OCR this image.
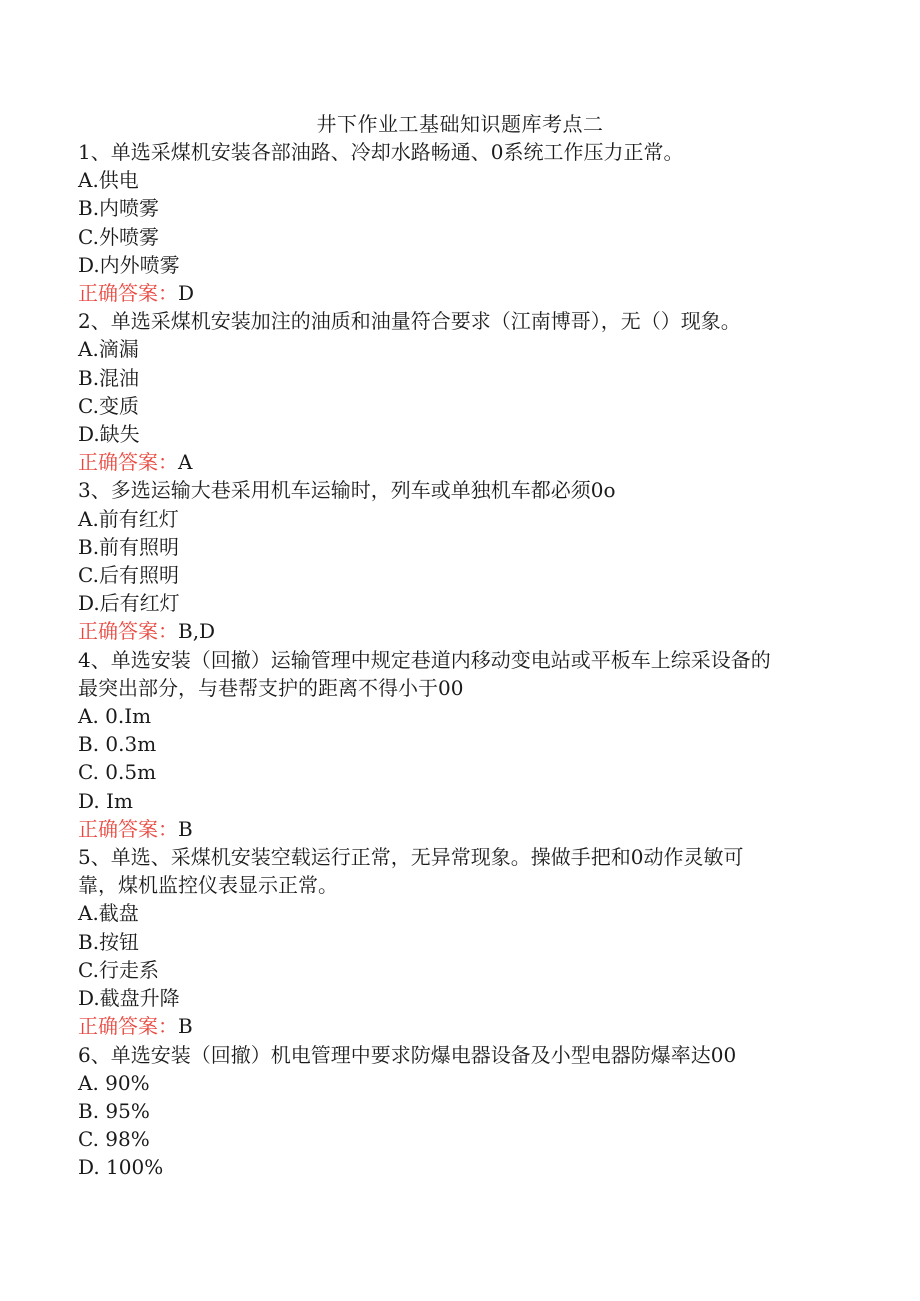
井下作业工基础知识题库考点二

1、单选采煤机安装各部油路、冷却水路畅通、0系统工作压力正常。

A.供电

B.内喷雾

C.外喷雾

D.内外喷雾

正确答案：D

2、单选采煤机安装加注的油质和油量符合要求（江南博哥），无（）现象。

A.滴漏

B.混油

C.变质

D.缺失

正确答案：A

3、多选运输大巷采用机车运输时，列车或单独机车都必须0o

A.前有红灯

B.前有照明

C.后有照明

D.后有红灯

正确答案：B,D

4、单选安装（回撤）运输管理中规定巷道内移动变电站或平板车上综采设备的

最突出部分，与巷帮支护的距离不得小于00

A. 0.Im

B. 0.3m

C. 0.5m

D. Im

正确答案：B

5、单选、采煤机安装空载运行正常，无异常现象。操做手把和0动作灵敏可

靠，煤机监控仪表显示正常。

A.截盘

B.按钮

C.行走系

D.截盘升降

正确答案：B

6、单选安装（回撤）机电管理中要求防爆电器设备及小型电器防爆率达00

A. 90%

B. 95%

C. 98%

D. 100%
